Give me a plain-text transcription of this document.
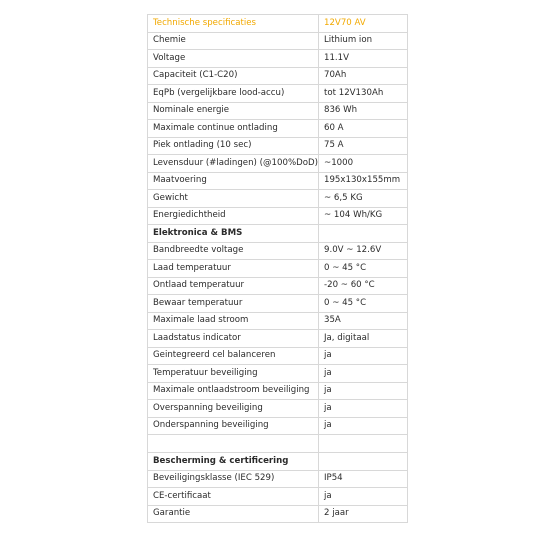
Technische specificaties	12V70 AV
Chemie	Lithium ion
Voltage	11.1V
Capaciteit (C1-C20)	70Ah
EqPb (vergelijkbare lood-accu)	tot 12V130Ah
Nominale energie	836 Wh
Maximale continue ontlading	60 A
Piek ontlading (10 sec)	75 A
Levensduur (#ladingen) (@100%DoD)	~1000
Maatvoering	195x130x155mm
Gewicht	~ 6,5 KG
Energiedichtheid	~ 104 Wh/KG
Elektronica & BMS	
Bandbreedte voltage	9.0V ~ 12.6V
Laad temperatuur	0 ~ 45 °C
Ontlaad temperatuur	-20 ~ 60 °C
Bewaar temperatuur	0 ~ 45 °C
Maximale laad stroom	35A
Laadstatus indicator	Ja, digitaal
Geintegreerd cel balanceren	ja
Temperatuur beveiliging	ja
Maximale ontlaadstroom beveiliging	ja
Overspanning beveiliging	ja
Onderspanning beveiliging	ja

Bescherming & certificering	
Beveiligingsklasse (IEC 529)	IP54
CE-certificaat	ja
Garantie	2 jaar
